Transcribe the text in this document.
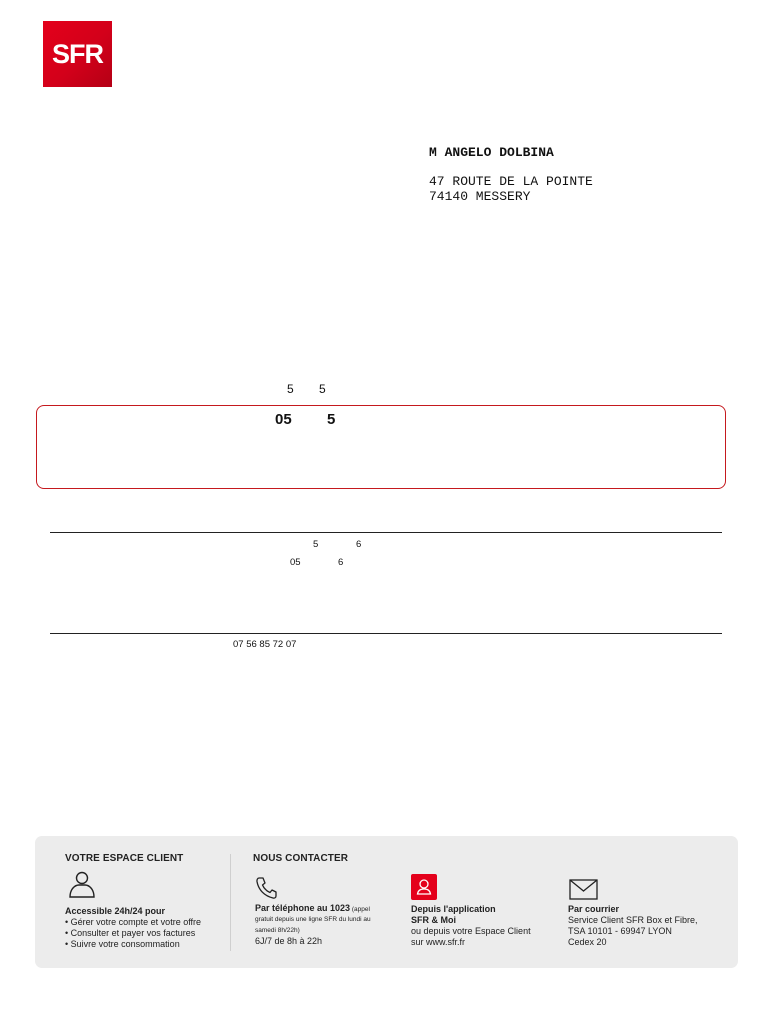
SFR
M ANGELO DOLBINA
47 ROUTE DE LA POINTE
74140 MESSERY
5 5
05 5
5	6
05	6
07 56 85 72 07
VOTRE ESPACE CLIENT	NOUS CONTACTER
Accessible 24h/24 pour
• Gérer votre compte et votre offre
• Consulter et payer vos factures
• Suivre votre consommation
Par téléphone au 1023 (appel
gratuit depuis une ligne SFR du lundi au
samedi 8h/22h)
6J/7 de 8h à 22h
Depuis l'application
SFR & Moi
ou depuis votre Espace Client
sur www.sfr.fr
Par courrier
Service Client SFR Box et Fibre,
TSA 10101 - 69947 LYON
Cedex 20
